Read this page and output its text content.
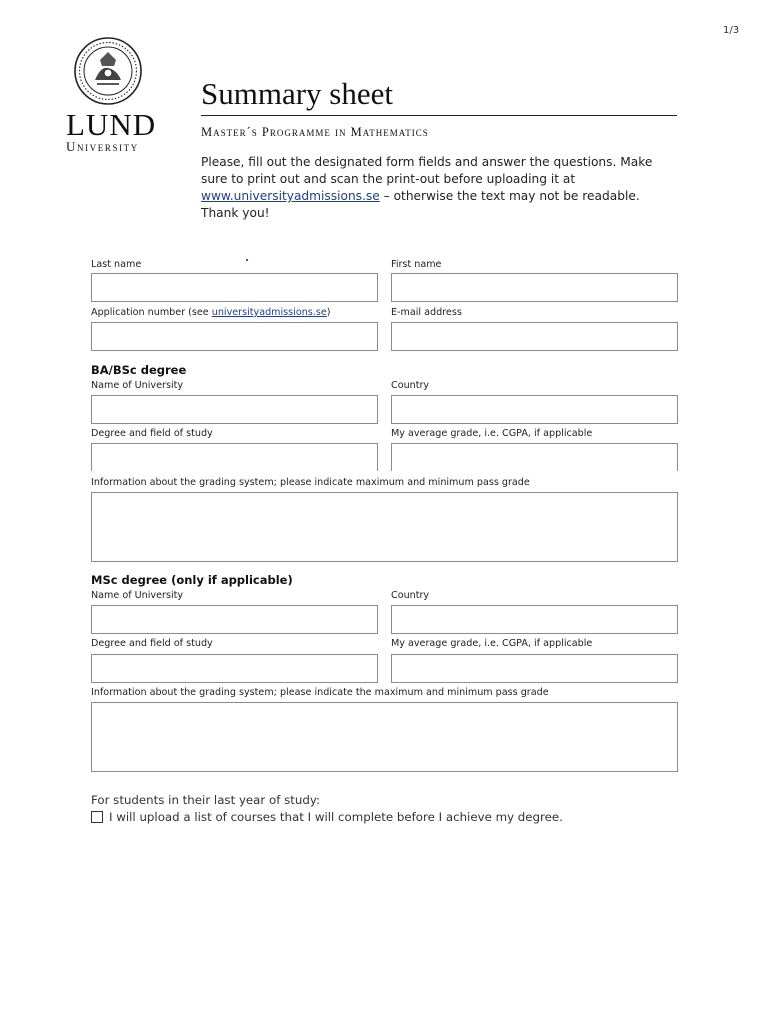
1/3
LUND
University
Summary sheet
Master´s Programme in Mathematics
Please, fill out the designated form fields and answer the questions. Make sure to print out and scan the print-out before uploading it at www.universityadmissions.se – otherwise the text may not be readable.
Thank you!
Last name	First name
Application number (see universityadmissions.se)	E-mail address
BA/BSc degree
Name of University	Country
Degree and field of study	My average grade, i.e. CGPA, if applicable
Information about the grading system; please indicate maximum and minimum pass grade
MSc degree (only if applicable)
Name of University	Country
Degree and field of study	My average grade, i.e. CGPA, if applicable
Information about the grading system; please indicate the maximum and minimum pass grade
For students in their last year of study:
I will upload a list of courses that I will complete before I achieve my degree.
